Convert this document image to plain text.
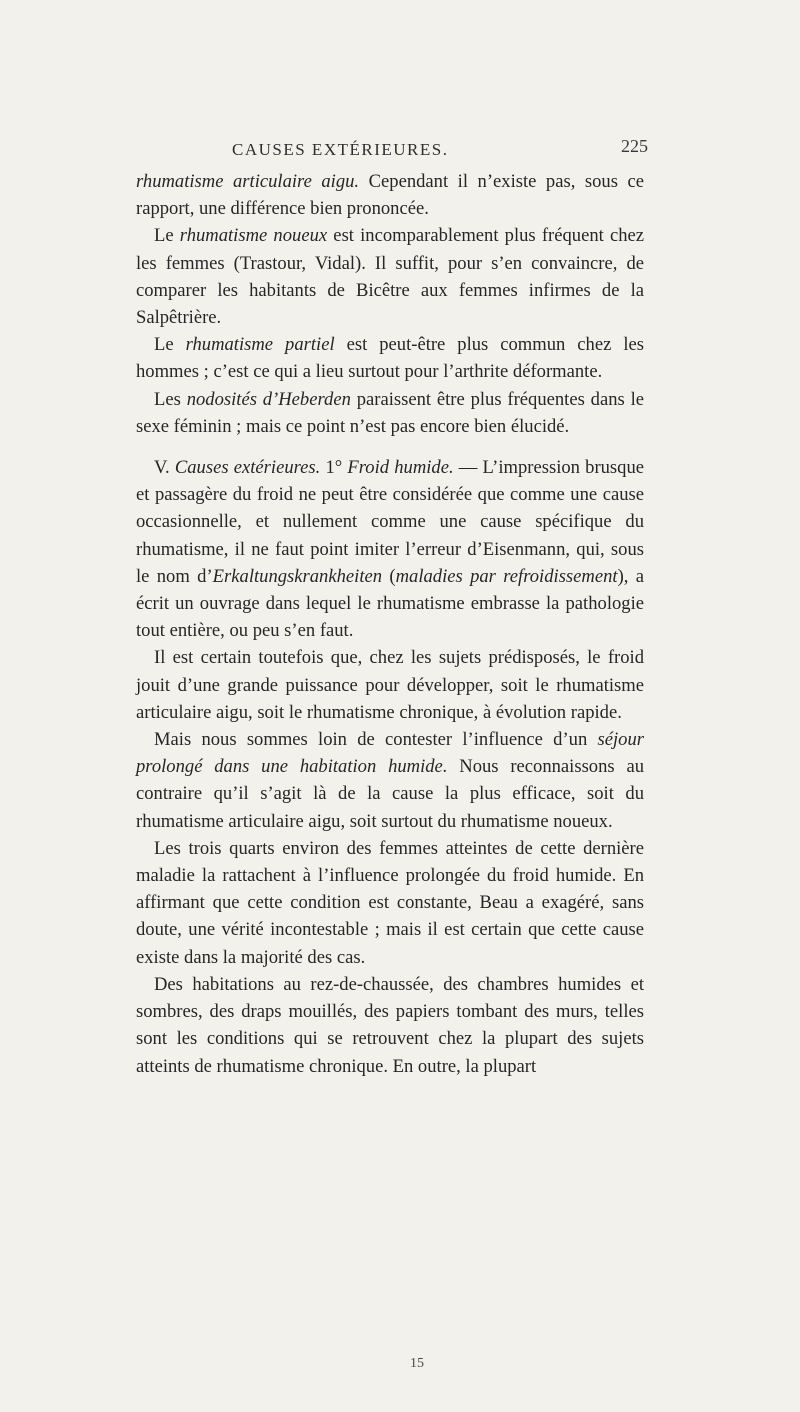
CAUSES EXTÉRIEURES.	225

rhumatisme articulaire aigu. Cependant il n’existe pas, sous ce rapport, une différence bien prononcée.

Le rhumatisme noueux est incomparablement plus fréquent chez les femmes (Trastour, Vidal). Il suffit, pour s’en convaincre, de comparer les habitants de Bicêtre aux femmes infirmes de la Salpêtrière.

Le rhumatisme partiel est peut-être plus commun chez les hommes ; c’est ce qui a lieu surtout pour l’arthrite déformante.

Les nodosités d’Heberden paraissent être plus fréquentes dans le sexe féminin ; mais ce point n’est pas encore bien élucidé.

V. Causes extérieures. 1° Froid humide. — L’impression brusque et passagère du froid ne peut être considérée que comme une cause occasionnelle, et nullement comme une cause spécifique du rhumatisme, il ne faut point imiter l’erreur d’Eisenmann, qui, sous le nom d’Erkaltungskrankheiten (maladies par refroidissement), a écrit un ouvrage dans lequel le rhumatisme embrasse la pathologie tout entière, ou peu s’en faut.

Il est certain toutefois que, chez les sujets prédisposés, le froid jouit d’une grande puissance pour développer, soit le rhumatisme articulaire aigu, soit le rhumatisme chronique, à évolution rapide.

Mais nous sommes loin de contester l’influence d’un séjour prolongé dans une habitation humide. Nous reconnaissons au contraire qu’il s’agit là de la cause la plus efficace, soit du rhumatisme articulaire aigu, soit surtout du rhumatisme noueux.

Les trois quarts environ des femmes atteintes de cette dernière maladie la rattachent à l’influence prolongée du froid humide. En affirmant que cette condition est constante, Beau a exagéré, sans doute, une vérité incontestable ; mais il est certain que cette cause existe dans la majorité des cas.

Des habitations au rez-de-chaussée, des chambres humides et sombres, des draps mouillés, des papiers tombant des murs, telles sont les conditions qui se retrouvent chez la plupart des sujets atteints de rhumatisme chronique. En outre, la plupart

15
